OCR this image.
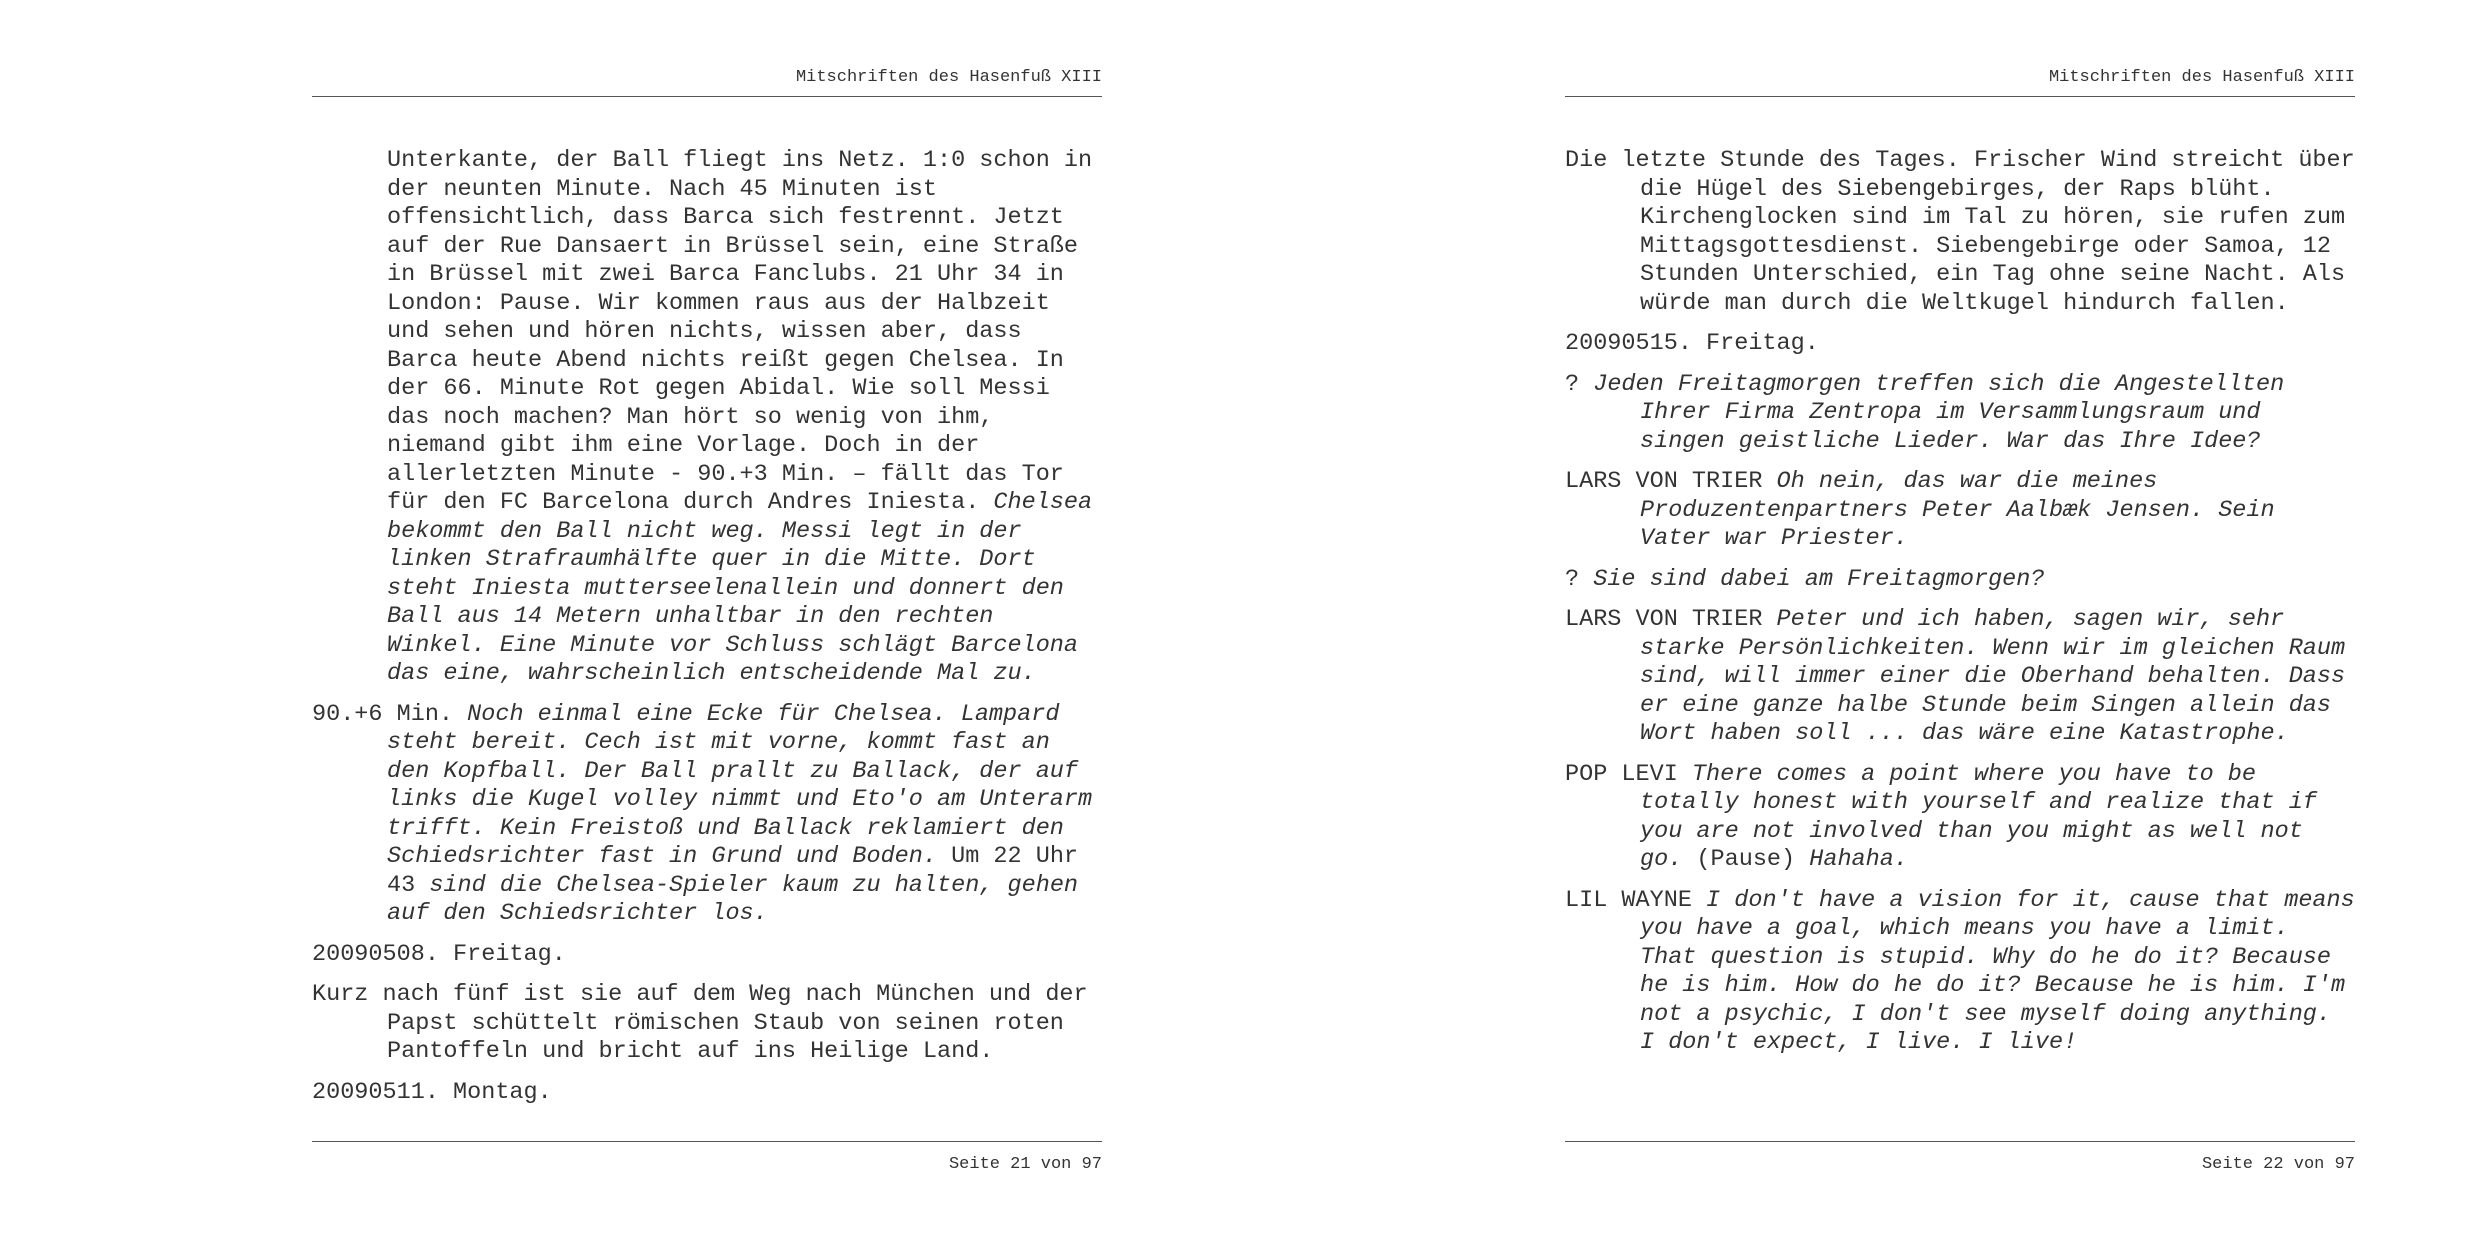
Mitschriften des Hasenfuß XIII

Unterkante, der Ball fliegt ins Netz. 1:0 schon in der neunten Minute. Nach 45 Minuten ist offensichtlich, dass Barca sich festrennt. Jetzt auf der Rue Dansaert in Brüssel sein, eine Straße in Brüssel mit zwei Barca Fanclubs. 21 Uhr 34 in London: Pause. Wir kommen raus aus der Halbzeit und sehen und hören nichts, wissen aber, dass Barca heute Abend nichts reißt gegen Chelsea. In der 66. Minute Rot gegen Abidal. Wie soll Messi das noch machen? Man hört so wenig von ihm, niemand gibt ihm eine Vorlage. Doch in der allerletzten Minute - 90.+3 Min. – fällt das Tor für den FC Barcelona durch Andres Iniesta. Chelsea bekommt den Ball nicht weg. Messi legt in der linken Strafraumhälfte quer in die Mitte. Dort steht Iniesta mutterseelenallein und donnert den Ball aus 14 Metern unhaltbar in den rechten Winkel. Eine Minute vor Schluss schlägt Barcelona das eine, wahrscheinlich entscheidende Mal zu.

90.+6 Min. Noch einmal eine Ecke für Chelsea. Lampard steht bereit. Cech ist mit vorne, kommt fast an den Kopfball. Der Ball prallt zu Ballack, der auf links die Kugel volley nimmt und Eto'o am Unterarm trifft. Kein Freistoß und Ballack reklamiert den Schiedsrichter fast in Grund und Boden. Um 22 Uhr 43 sind die Chelsea-Spieler kaum zu halten, gehen auf den Schiedsrichter los.

20090508. Freitag.

Kurz nach fünf ist sie auf dem Weg nach München und der Papst schüttelt römischen Staub von seinen roten Pantoffeln und bricht auf ins Heilige Land.

20090511. Montag.

Seite 21 von 97
Mitschriften des Hasenfuß XIII

Die letzte Stunde des Tages. Frischer Wind streicht über die Hügel des Siebengebirges, der Raps blüht. Kirchenglocken sind im Tal zu hören, sie rufen zum Mittagsgottesdienst. Siebengebirge oder Samoa, 12 Stunden Unterschied, ein Tag ohne seine Nacht. Als würde man durch die Weltkugel hindurch fallen.

20090515. Freitag.

? Jeden Freitagmorgen treffen sich die Angestellten Ihrer Firma Zentropa im Versammlungsraum und singen geistliche Lieder. War das Ihre Idee?

LARS VON TRIER Oh nein, das war die meines Produzentenpartners Peter Aalbæk Jensen. Sein Vater war Priester.

? Sie sind dabei am Freitagmorgen?

LARS VON TRIER Peter und ich haben, sagen wir, sehr starke Persönlichkeiten. Wenn wir im gleichen Raum sind, will immer einer die Oberhand behalten. Dass er eine ganze halbe Stunde beim Singen allein das Wort haben soll ... das wäre eine Katastrophe.

POP LEVI There comes a point where you have to be totally honest with yourself and realize that if you are not involved than you might as well not go. (Pause) Hahaha.

LIL WAYNE I don't have a vision for it, cause that means you have a goal, which means you have a limit. That question is stupid. Why do he do it? Because he is him. How do he do it? Because he is him. I'm not a psychic, I don't see myself doing anything. I don't expect, I live. I live!

Seite 22 von 97
